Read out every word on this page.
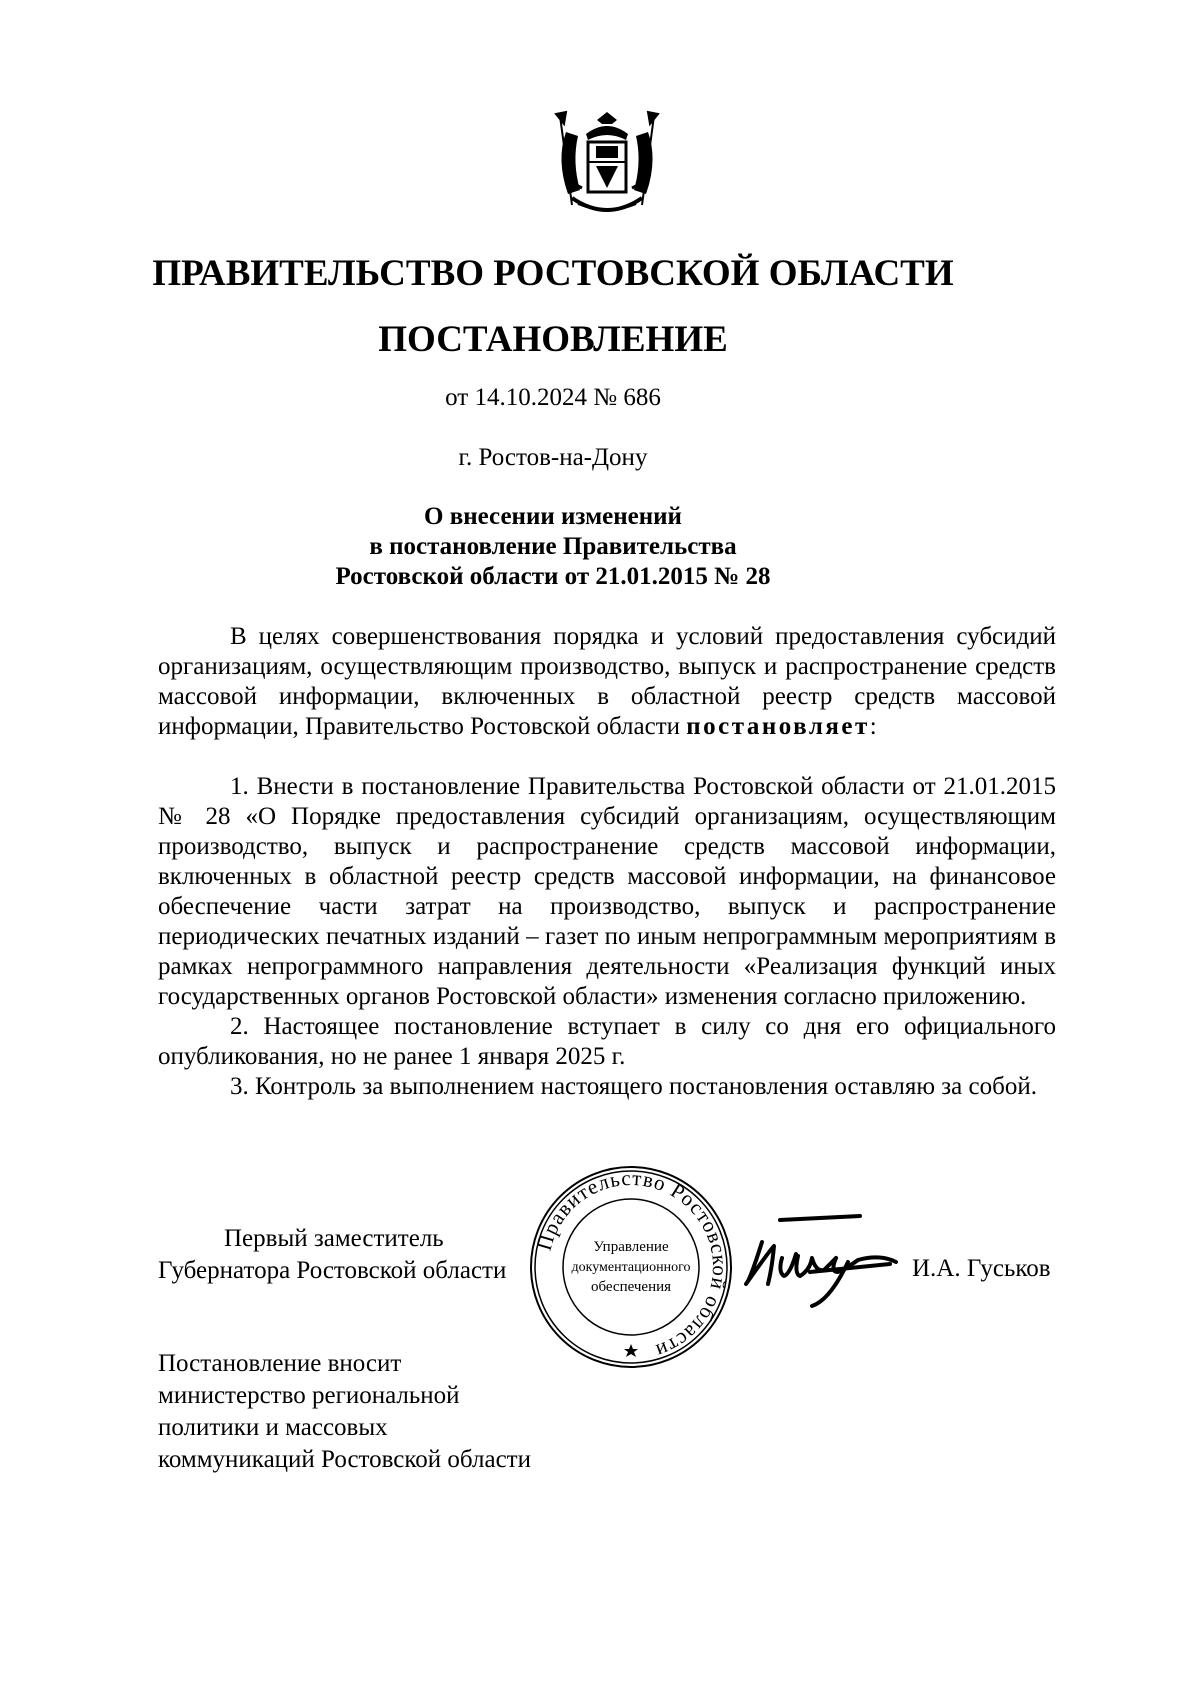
ПРАВИТЕЛЬСТВО РОСТОВСКОЙ ОБЛАСТИ
ПОСТАНОВЛЕНИЕ
от 14.10.2024 № 686
г. Ростов-на-Дону
О внесении изменений
в постановление Правительства
Ростовской области от 21.01.2015 № 28

В целях совершенствования порядка и условий предоставления субсидий организациям, осуществляющим производство, выпуск и распространение средств массовой информации, включенных в областной реестр средств массовой информации, Правительство Ростовской области постановляет:

1. Внести в постановление Правительства Ростовской области от 21.01.2015 № 28 «О Порядке предоставления субсидий организациям, осуществляющим производство, выпуск и распространение средств массовой информации, включенных в областной реестр средств массовой информации, на финансовое обеспечение части затрат на производство, выпуск и распространение периодических печатных изданий – газет по иным непрограммным мероприятиям в рамках непрограммного направления деятельности «Реализация функций иных государственных органов Ростовской области» изменения согласно приложению.

2. Настоящее постановление вступает в силу со дня его официального опубликования, но не ранее 1 января 2025 г.

3. Контроль за выполнением настоящего постановления оставляю за собой.

Первый заместитель
Губернатора Ростовской области
Правительство Ростовской области
Управление
документационного
обеспечения
И.А. Гуськов
Постановление вносит
министерство региональной
политики и массовых
коммуникаций Ростовской области
